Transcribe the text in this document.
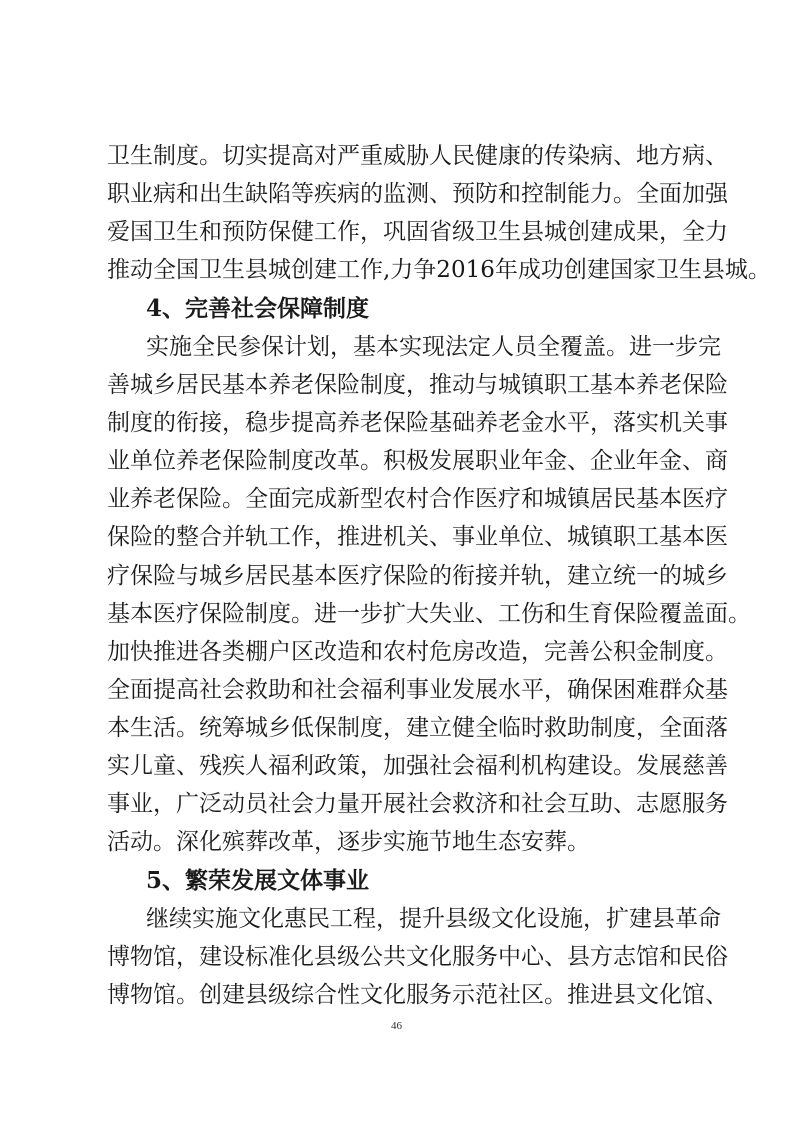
卫生制度。切实提高对严重威胁人民健康的传染病、地方病、
职业病和出生缺陷等疾病的监测、预防和控制能力。全面加强
爱国卫生和预防保健工作，巩固省级卫生县城创建成果，全力
推动全国卫生县城创建工作,力争2016年成功创建国家卫生县城。
4、完善社会保障制度
实施全民参保计划，基本实现法定人员全覆盖。进一步完
善城乡居民基本养老保险制度，推动与城镇职工基本养老保险
制度的衔接，稳步提高养老保险基础养老金水平，落实机关事
业单位养老保险制度改革。积极发展职业年金、企业年金、商
业养老保险。全面完成新型农村合作医疗和城镇居民基本医疗
保险的整合并轨工作，推进机关、事业单位、城镇职工基本医
疗保险与城乡居民基本医疗保险的衔接并轨，建立统一的城乡
基本医疗保险制度。进一步扩大失业、工伤和生育保险覆盖面。
加快推进各类棚户区改造和农村危房改造，完善公积金制度。
全面提高社会救助和社会福利事业发展水平，确保困难群众基
本生活。统筹城乡低保制度，建立健全临时救助制度，全面落
实儿童、残疾人福利政策，加强社会福利机构建设。发展慈善
事业，广泛动员社会力量开展社会救济和社会互助、志愿服务
活动。深化殡葬改革，逐步实施节地生态安葬。
5、繁荣发展文体事业
继续实施文化惠民工程，提升县级文化设施，扩建县革命
博物馆，建设标准化县级公共文化服务中心、县方志馆和民俗
博物馆。创建县级综合性文化服务示范社区。推进县文化馆、
46
